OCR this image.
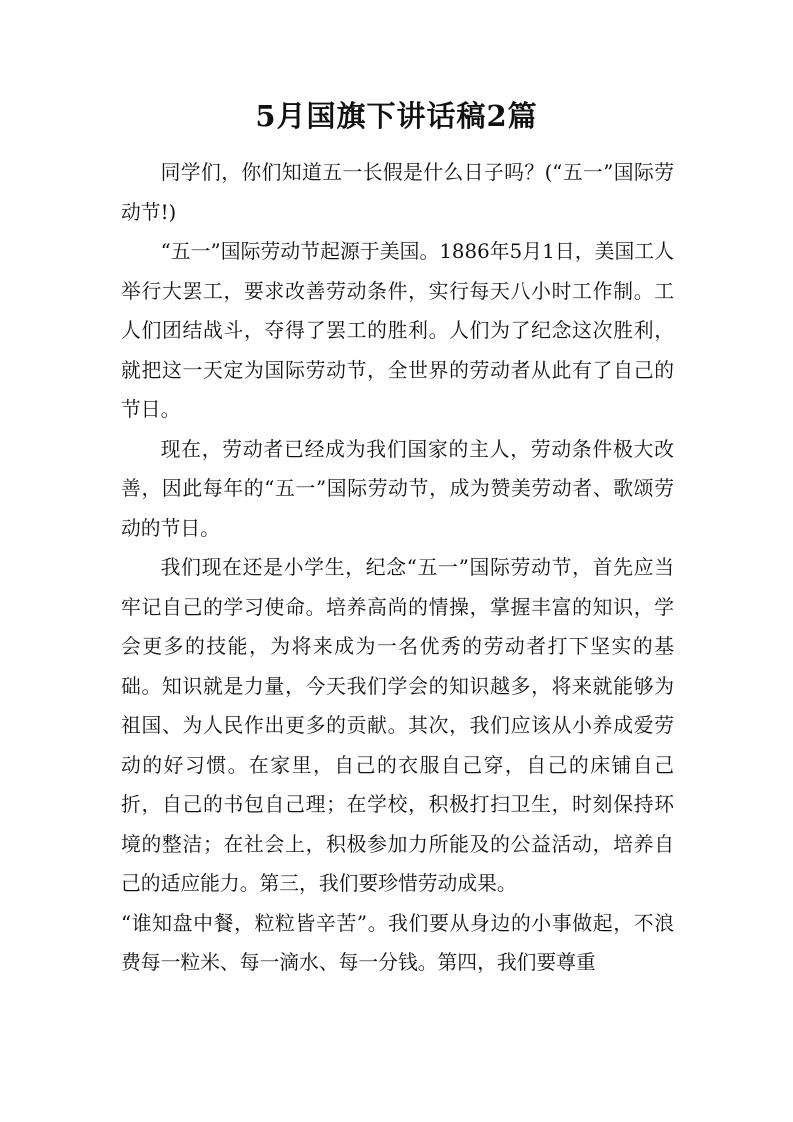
5月国旗下讲话稿2篇

同学们，你们知道五一长假是什么日子吗？(“五一”国际劳动节!)

“五一”国际劳动节起源于美国。1886年5月1日，美国工人举行大罢工，要求改善劳动条件，实行每天八小时工作制。工人们团结战斗，夺得了罢工的胜利。人们为了纪念这次胜利，就把这一天定为国际劳动节，全世界的劳动者从此有了自己的节日。

现在，劳动者已经成为我们国家的主人，劳动条件极大改善，因此每年的“五一”国际劳动节，成为赞美劳动者、歌颂劳动的节日。

我们现在还是小学生，纪念“五一”国际劳动节，首先应当牢记自己的学习使命。培养高尚的情操，掌握丰富的知识，学会更多的技能，为将来成为一名优秀的劳动者打下坚实的基础。知识就是力量，今天我们学会的知识越多，将来就能够为祖国、为人民作出更多的贡献。其次，我们应该从小养成爱劳动的好习惯。在家里，自己的衣服自己穿，自己的床铺自己折，自己的书包自己理；在学校，积极打扫卫生，时刻保持环境的整洁；在社会上，积极参加力所能及的公益活动，培养自己的适应能力。第三，我们要珍惜劳动成果。

“谁知盘中餐，粒粒皆辛苦”。我们要从身边的小事做起，不浪费每一粒米、每一滴水、每一分钱。第四，我们要尊重
